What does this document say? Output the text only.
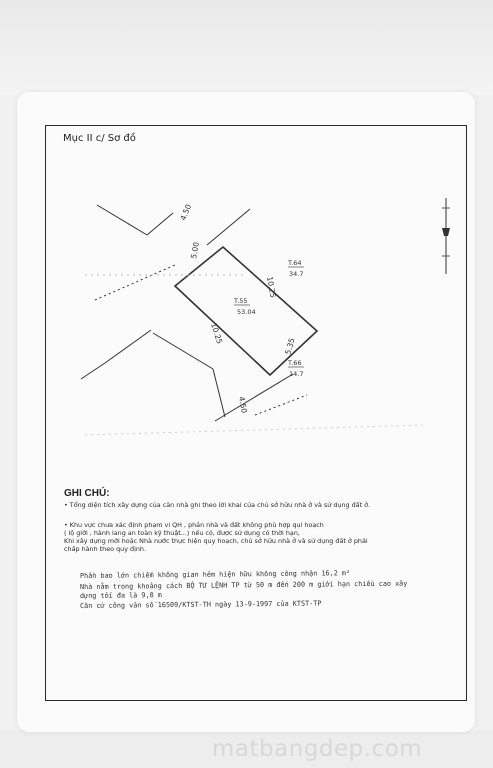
Mục II c/ Sơ đồ
4.50
5.00
10.25
10.25
5.35
4.50
T.55
53.04
T.64
34.7
T.66
14.7
GHI CHÚ:
• Tổng diện tích xây dựng của căn nhà ghi theo lời khai của chủ sở hữu nhà ở và sử dụng đất ở.
• Khu vực chưa xác định phạm vi QH , phần nhà và đất không phù hợp qui hoạch
( lộ giới , hành lang an toàn kỹ thuật...) nếu có, được sử dụng có thời hạn,
Khi xây dựng mới hoặc Nhà nước thực hiện quy hoạch, chủ sở hữu nhà ở và sử dụng đất ở phải
chấp hành theo quy định.
Phần bao lớn chiếm không gian hẻm hiện hữu không công nhận 16,2 m²
Nhà nằm trong khoảng cách BỘ TƯ LỆNH TP từ 50 m đến 200 m giới hạn chiều cao xây
dựng tối đa là 9,0 m
Căn cứ công văn số 16509/KTST-TH ngày 13-9-1997 của KTST-TP
matbangdep.com
